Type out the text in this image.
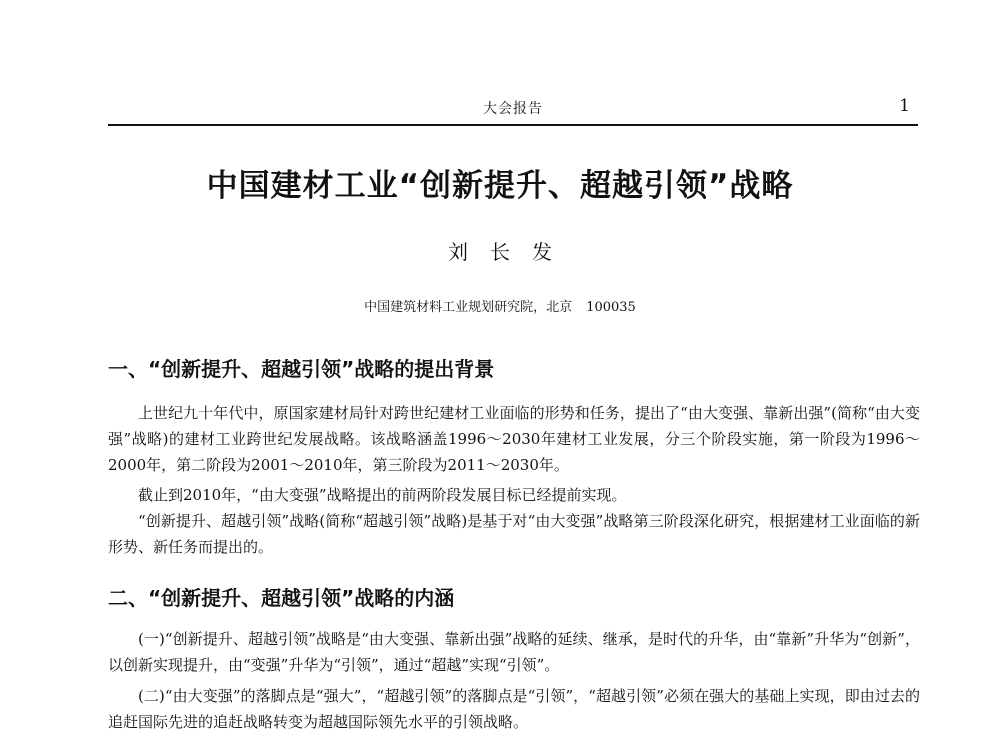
大会报告	1
中国建材工业“创新提升、超越引领”战略
刘长发
中国建筑材料工业规划研究院，北京 100035
一、“创新提升、超越引领”战略的提出背景

上世纪九十年代中，原国家建材局针对跨世纪建材工业面临的形势和任务，提出了“由大变强、靠新出强”(简称“由大变强”战略)的建材工业跨世纪发展战略。该战略涵盖1996～2030年建材工业发展，分三个阶段实施，第一阶段为1996～2000年，第二阶段为2001～2010年，第三阶段为2011～2030年。

截止到2010年，“由大变强”战略提出的前两阶段发展目标已经提前实现。

“创新提升、超越引领”战略(简称“超越引领”战略)是基于对“由大变强”战略第三阶段深化研究，根据建材工业面临的新形势、新任务而提出的。

二、“创新提升、超越引领”战略的内涵

(一)“创新提升、超越引领”战略是“由大变强、靠新出强”战略的延续、继承，是时代的升华，由“靠新”升华为“创新”，以创新实现提升，由“变强”升华为“引领”，通过“超越”实现“引领”。

(二)“由大变强”的落脚点是“强大”，“超越引领”的落脚点是“引领”，“超越引领”必须在强大的基础上实现，即由过去的追赶国际先进的追赶战略转变为超越国际领先水平的引领战略。
